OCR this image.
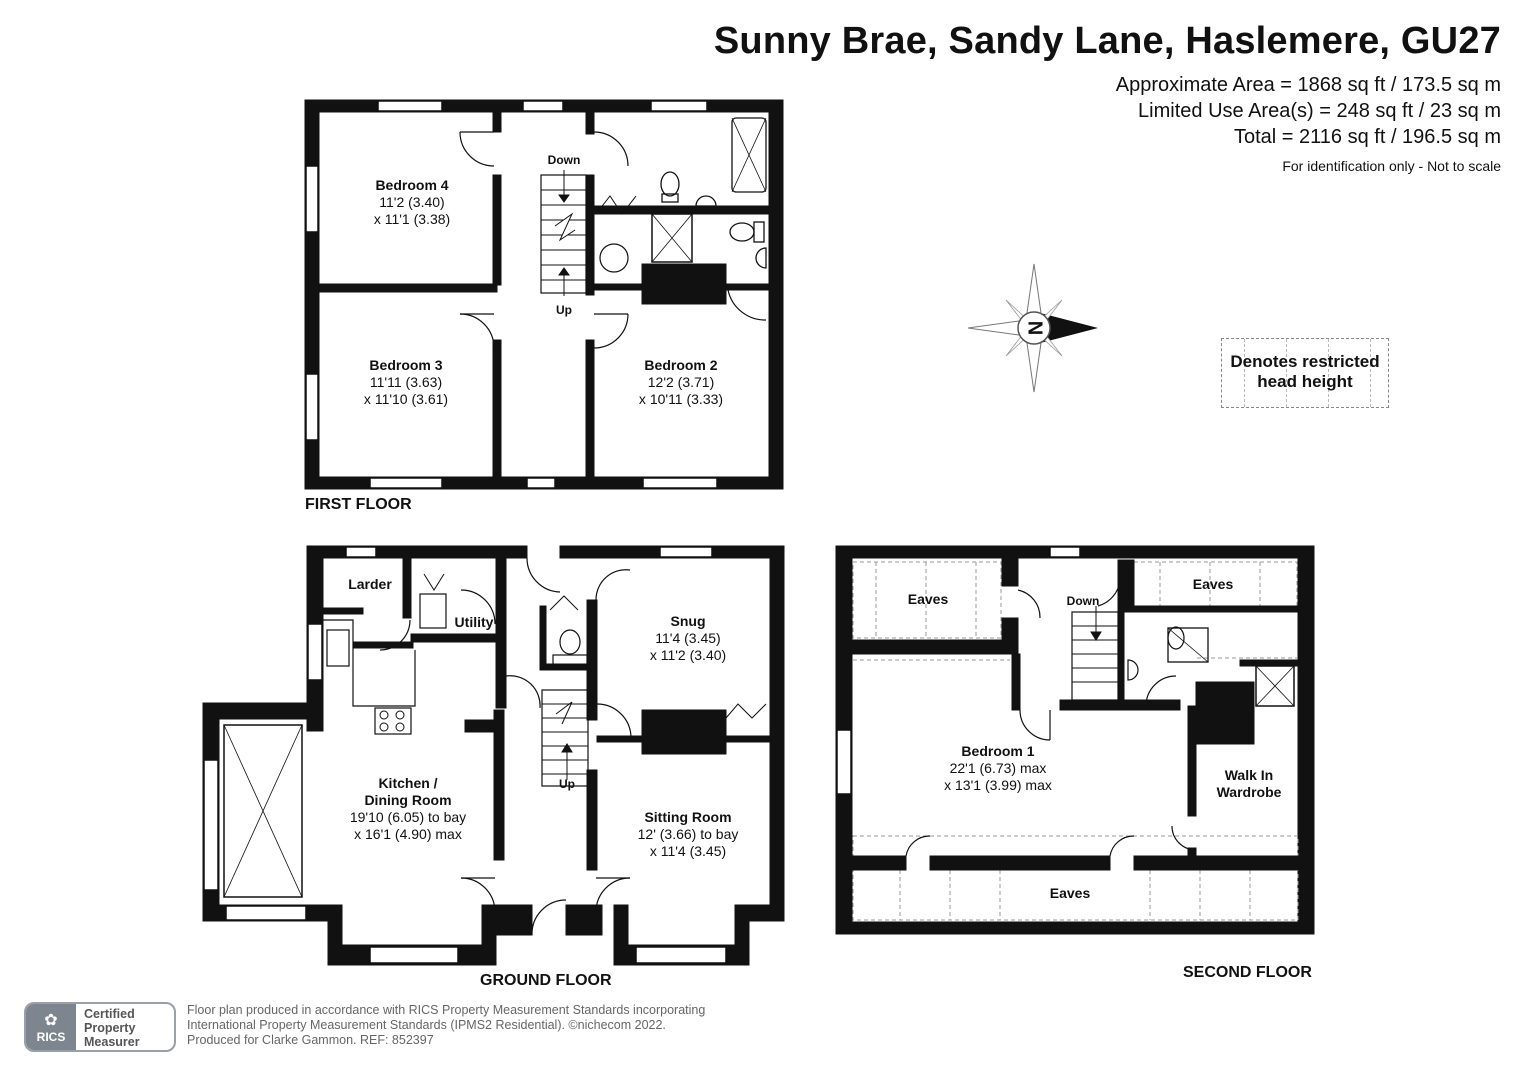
Sunny Brae, Sandy Lane, Haslemere, GU27
Approximate Area = 1868 sq ft / 173.5 sq m
Limited Use Area(s) = 248 sq ft / 23 sq m
Total = 2116 sq ft / 196.5 sq m
For identification only - Not to scale
N
Denotes restricted
head height
FIRST FLOOR
Bedroom 4
11'2 (3.40)
x 11'1 (3.38)
Bedroom 3
11'11 (3.63)
x 11'10 (3.61)
Bedroom 2
12'2 (3.71)
x 10'11 (3.33)
Down
Up
GROUND FLOOR
Larder
Utility
Kitchen /
Dining Room
19'10 (6.05) to bay
x 16'1 (4.90) max
Snug
11'4 (3.45)
x 11'2 (3.40)
Sitting Room
12' (3.66) to bay
x 11'4 (3.45)
Up
SECOND FLOOR
Eaves
Eaves
Eaves
Down
Bedroom 1
22'1 (6.73) max
x 13'1 (3.99) max
Walk In
Wardrobe
✿
RICS
Certified
Property
Measurer
Floor plan produced in accordance with RICS Property Measurement Standards incorporating
International Property Measurement Standards (IPMS2 Residential). ©nichecom 2022.
Produced for Clarke Gammon. REF: 852397
